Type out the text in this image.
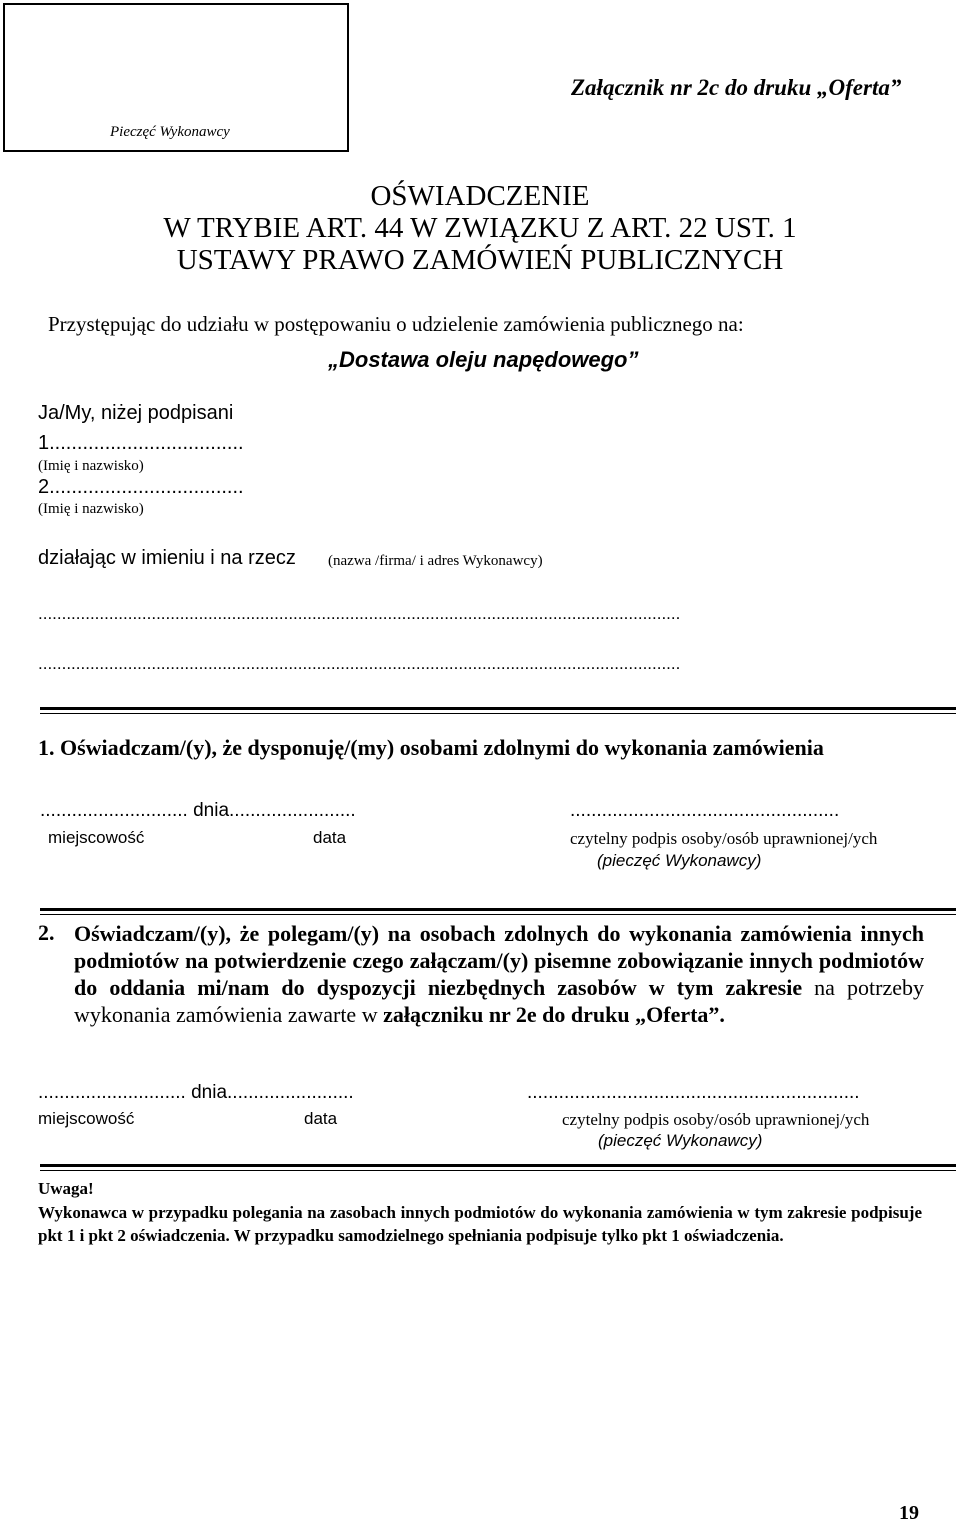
Pieczęć Wykonawcy

Załącznik nr 2c do druku „Oferta”

OŚWIADCZENIE

W TRYBIE ART. 44 W ZWIĄZKU Z ART. 22 UST. 1

USTAWY PRAWO ZAMÓWIEŃ PUBLICZNYCH

Przystępując do udziału w postępowaniu o udzielenie zamówienia publicznego na:

„Dostawa oleju napędowego”

Ja/My, niżej podpisani

1...................................

(Imię i nazwisko)

2...................................

(Imię i nazwisko)

działając w imieniu i na rzecz (nazwa /firma/ i adres Wykonawcy)

........................................................................................................................................

........................................................................................................................................

1. Oświadczam/(y), że dysponuję/(my) osobami zdolnymi do wykonania zamówienia

............................ dnia........................	...................................................

miejscowość	data	czytelny podpis osoby/osób uprawnionej/ych

(pieczęć Wykonawcy)

2. Oświadczam/(y), że polegam/(y) na osobach zdolnych do wykonania zamówienia innych podmiotów na potwierdzenie czego załączam/(y) pisemne zobowiązanie innych podmiotów do oddania mi/nam do dyspozycji niezbędnych zasobów w tym zakresie na potrzeby wykonania zamówienia zawarte w załączniku nr 2e do druku „Oferta”.

............................ dnia........................	...............................................................

miejscowość	data	czytelny podpis osoby/osób uprawnionej/ych

(pieczęć Wykonawcy)

Uwaga!

Wykonawca w przypadku polegania na zasobach innych podmiotów do wykonania zamówienia w tym zakresie podpisuje pkt 1 i pkt 2 oświadczenia. W przypadku samodzielnego spełniania podpisuje tylko pkt 1 oświadczenia.

19
